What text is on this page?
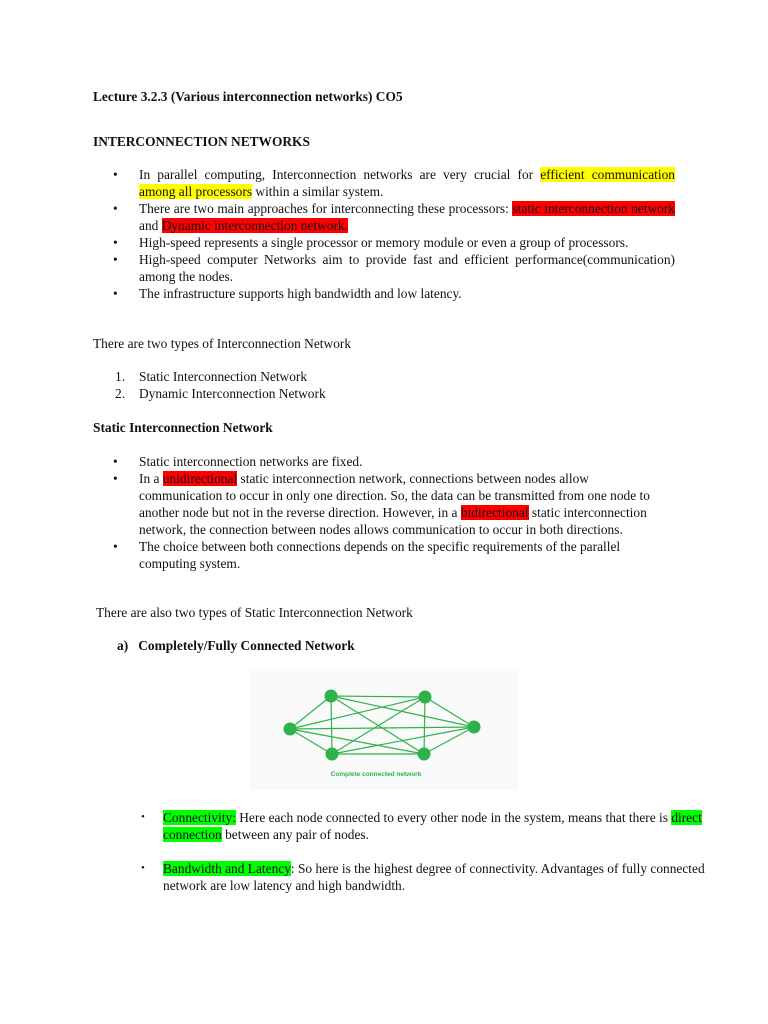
Lecture 3.2.3 (Various interconnection networks) CO5

INTERCONNECTION NETWORKS

• In parallel computing, Interconnection networks are very crucial for efficient communication among all processors within a similar system.
• There are two main approaches for interconnecting these processors: static interconnection network and Dynamic interconnection network.
• High-speed represents a single processor or memory module or even a group of processors.
• High-speed computer Networks aim to provide fast and efficient performance(communication) among the nodes.
• The infrastructure supports high bandwidth and low latency.

There are two types of Interconnection Network

1. Static Interconnection Network
2. Dynamic Interconnection Network

Static Interconnection Network

• Static interconnection networks are fixed.
• In a unidirectional static interconnection network, connections between nodes allow communication to occur in only one direction. So, the data can be transmitted from one node to another node but not in the reverse direction. However, in a bidirectional static interconnection network, the connection between nodes allows communication to occur in both directions.
• The choice between both connections depends on the specific requirements of the parallel computing system.

There are also two types of Static Interconnection Network

a) Completely/Fully Connected Network

Complete connected network
• Connectivity: Here each node connected to every other node in the system, means that there is direct connection between any pair of nodes.
• Bandwidth and Latency: So here is the highest degree of connectivity. Advantages of fully connected network are low latency and high bandwidth.
